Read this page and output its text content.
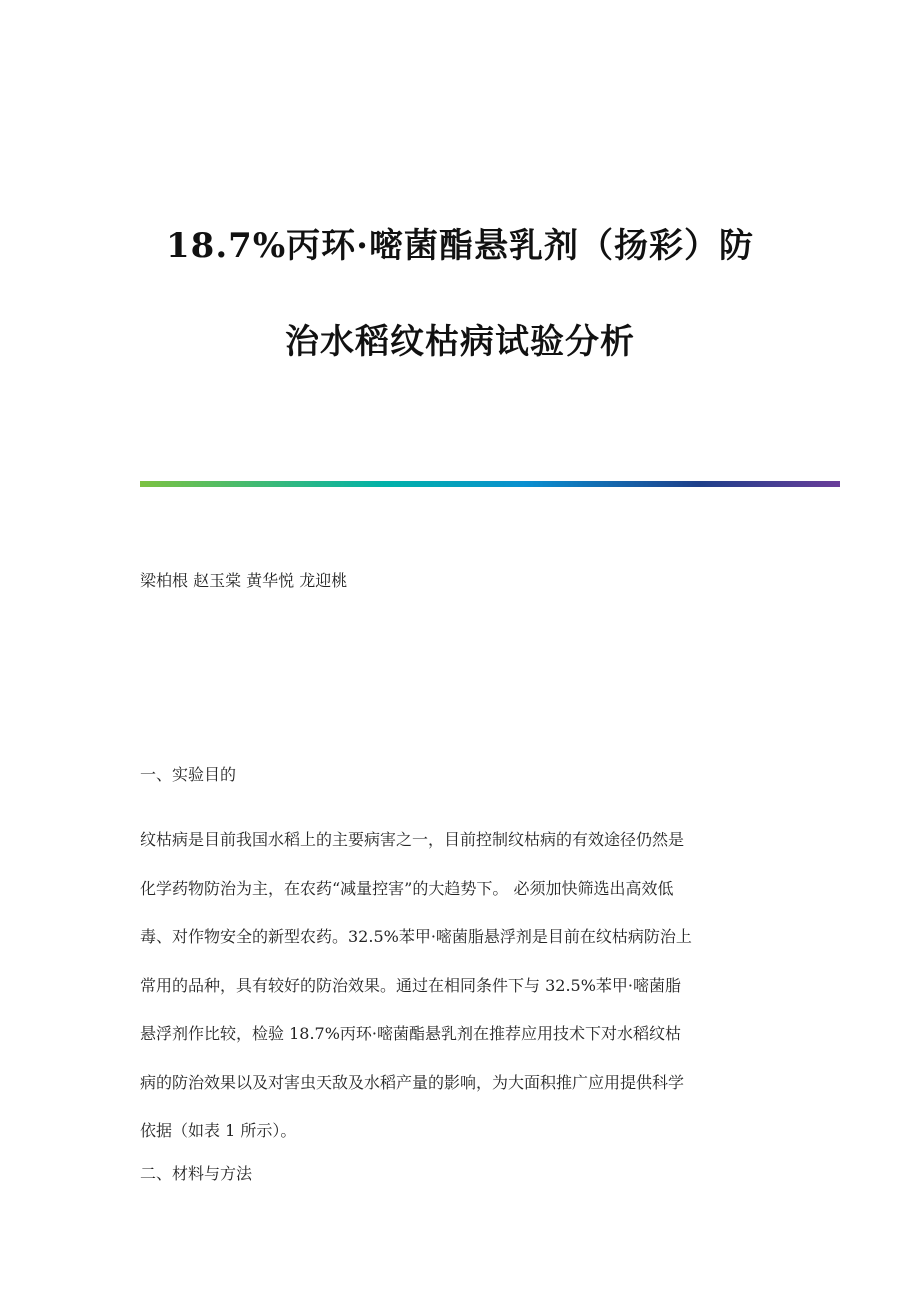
18.7%丙环·嘧菌酯悬乳剂（扬彩）防
治水稻纹枯病试验分析
梁柏根 赵玉棠 黄华悦 龙迎桃
一、实验目的
纹枯病是目前我国水稻上的主要病害之一，目前控制纹枯病的有效途径仍然是
化学药物防治为主，在农药“减量控害”的大趋势下。 必须加快筛选出高效低
毒、对作物安全的新型农药。32.5%苯甲·嘧菌脂悬浮剂是目前在纹枯病防治上
常用的品种，具有较好的防治效果。通过在相同条件下与 32.5%苯甲·嘧菌脂
悬浮剂作比较，检验 18.7%丙环·嘧菌酯悬乳剂在推荐应用技术下对水稻纹枯
病的防治效果以及对害虫天敌及水稻产量的影响，为大面积推广应用提供科学
依据（如表 1 所示）。
二、材料与方法
